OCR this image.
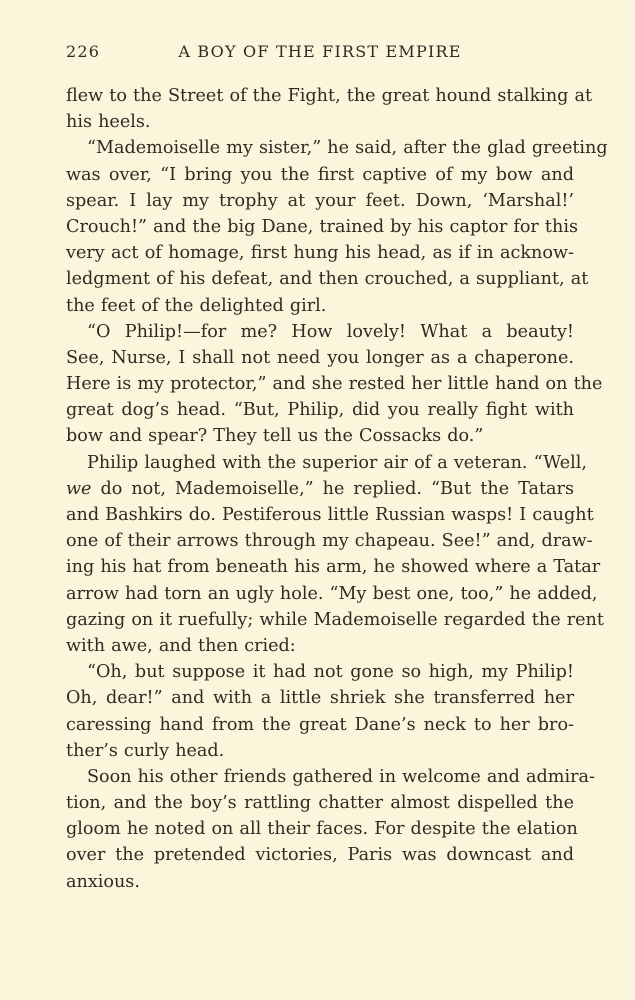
226	A BOY OF THE FIRST EMPIRE
flew to the Street of the Fight, the great hound stalking at
his heels.
“Mademoiselle my sister,” he said, after the glad greeting
was over, “I bring you the first captive of my bow and
spear. I lay my trophy at your feet. Down, ‘Marshal!’
Crouch!” and the big Dane, trained by his captor for this
very act of homage, first hung his head, as if in acknow-
ledgment of his defeat, and then crouched, a suppliant, at
the feet of the delighted girl.
“O Philip!—for me? How lovely! What a beauty!
See, Nurse, I shall not need you longer as a chaperone.
Here is my protector,” and she rested her little hand on the
great dog’s head. “But, Philip, did you really fight with
bow and spear? They tell us the Cossacks do.”
Philip laughed with the superior air of a veteran. “Well,
we do not, Mademoiselle,” he replied. “But the Tatars
and Bashkirs do. Pestiferous little Russian wasps! I caught
one of their arrows through my chapeau. See!” and, draw-
ing his hat from beneath his arm, he showed where a Tatar
arrow had torn an ugly hole. “My best one, too,” he added,
gazing on it ruefully; while Mademoiselle regarded the rent
with awe, and then cried:
“Oh, but suppose it had not gone so high, my Philip!
Oh, dear!” and with a little shriek she transferred her
caressing hand from the great Dane’s neck to her bro-
ther’s curly head.
Soon his other friends gathered in welcome and admira-
tion, and the boy’s rattling chatter almost dispelled the
gloom he noted on all their faces. For despite the elation
over the pretended victories, Paris was downcast and
anxious.
